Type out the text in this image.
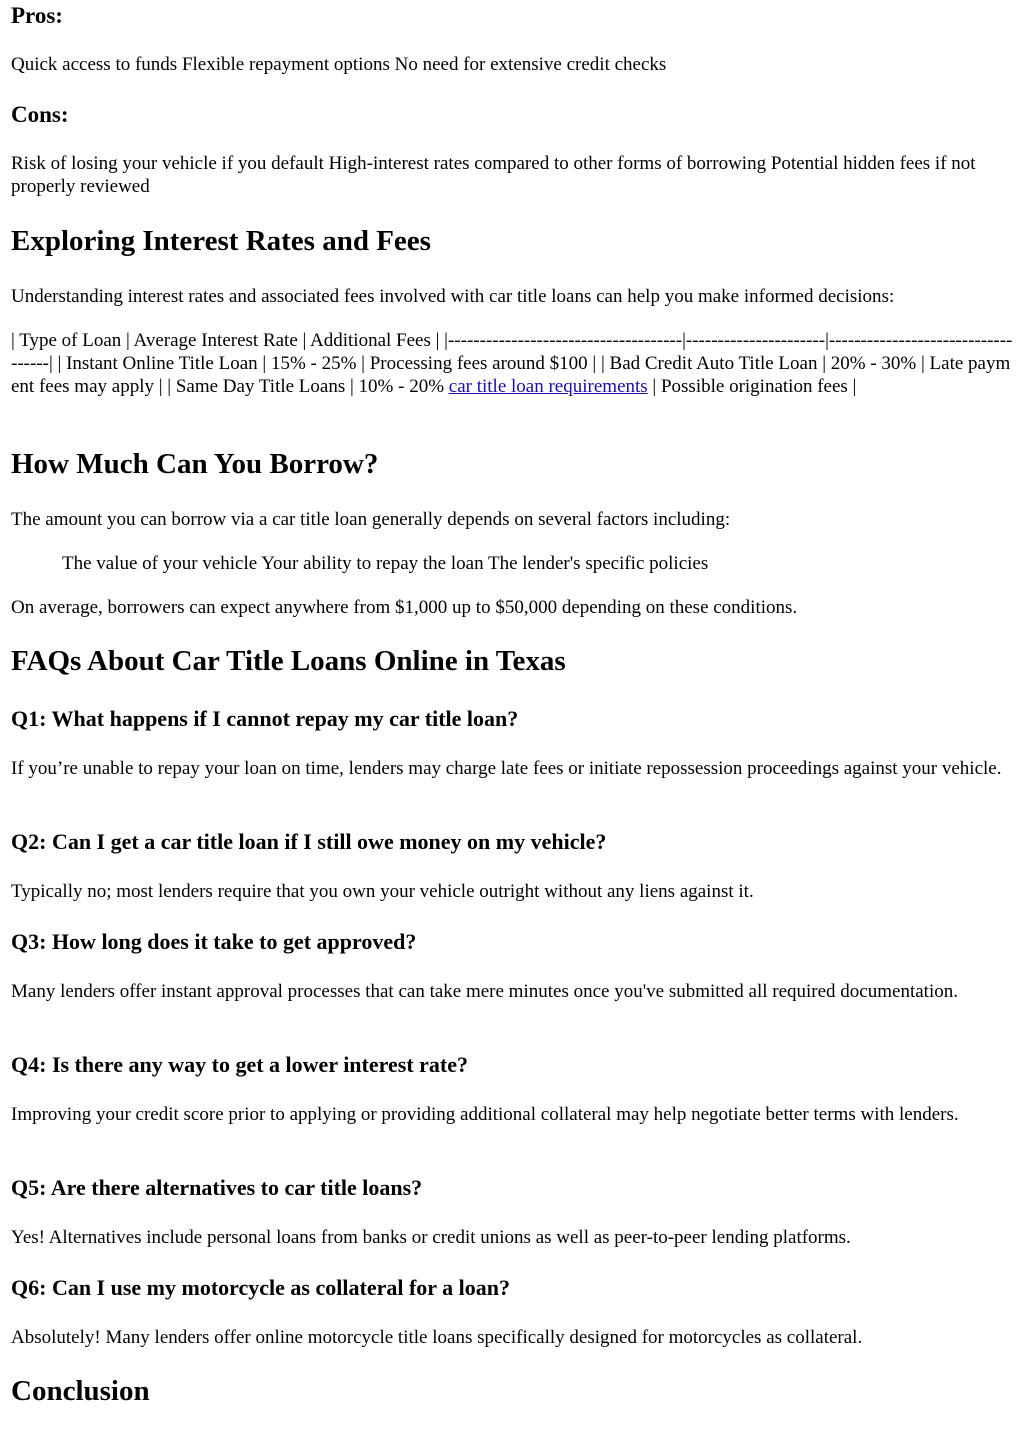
Pros:
Quick access to funds Flexible repayment options No need for extensive credit checks
Cons:
Risk of losing your vehicle if you default High-interest rates compared to other forms of borrowing Potential hidden fees if not properly reviewed
Exploring Interest Rates and Fees
Understanding interest rates and associated fees involved with car title loans can help you make informed decisions:
| Type of Loan | Average Interest Rate | Additional Fees | |-------------------------------------|----------------------|-----------------------------------| | Instant Online Title Loan | 15% - 25% | Processing fees around $100 | | Bad Credit Auto Title Loan | 20% - 30% | Late payment fees may apply | | Same Day Title Loans | 10% - 20% car title loan requirements | Possible origination fees |
How Much Can You Borrow?
The amount you can borrow via a car title loan generally depends on several factors including:
The value of your vehicle Your ability to repay the loan The lender's specific policies
On average, borrowers can expect anywhere from $1,000 up to $50,000 depending on these conditions.
FAQs About Car Title Loans Online in Texas
Q1: What happens if I cannot repay my car title loan?
If you’re unable to repay your loan on time, lenders may charge late fees or initiate repossession proceedings against your vehicle.
Q2: Can I get a car title loan if I still owe money on my vehicle?
Typically no; most lenders require that you own your vehicle outright without any liens against it.
Q3: How long does it take to get approved?
Many lenders offer instant approval processes that can take mere minutes once you've submitted all required documentation.
Q4: Is there any way to get a lower interest rate?
Improving your credit score prior to applying or providing additional collateral may help negotiate better terms with lenders.
Q5: Are there alternatives to car title loans?
Yes! Alternatives include personal loans from banks or credit unions as well as peer-to-peer lending platforms.
Q6: Can I use my motorcycle as collateral for a loan?
Absolutely! Many lenders offer online motorcycle title loans specifically designed for motorcycles as collateral.
Conclusion
